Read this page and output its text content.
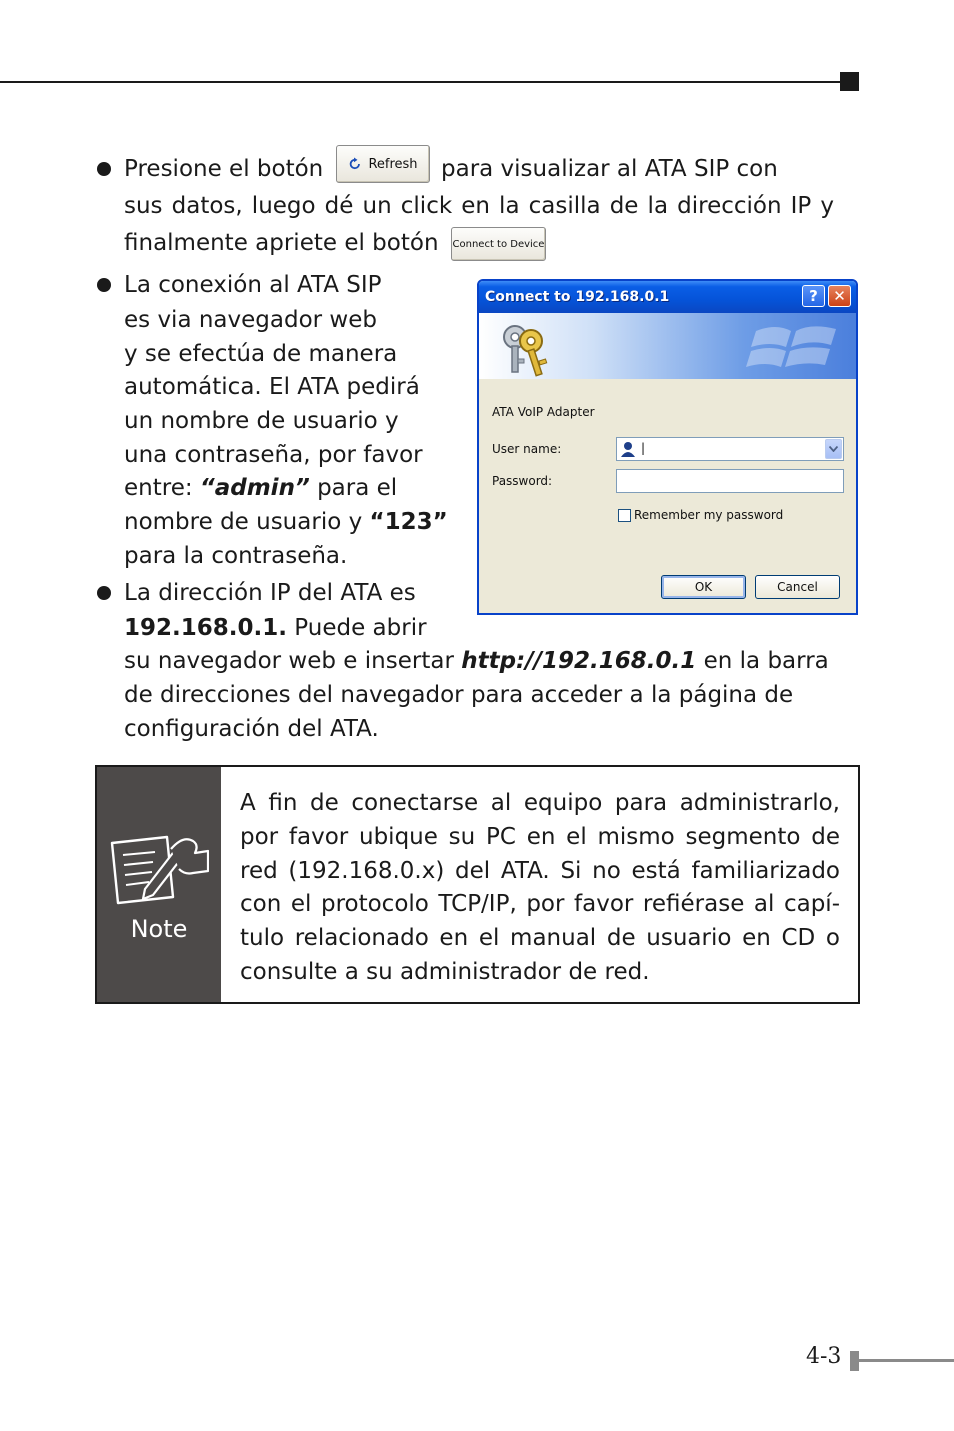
Presione el botón	Refresh para visualizar al ATA SIP con
sus datos, luego dé un click en la casilla de la dirección IP y
finalmente apriete el botón Connect to Device
La conexión al ATA SIP
es via navegador web
y se efectúa de manera
automática. El ATA pedirá
un nombre de usuario y
una contraseña, por favor
entre: “admin” para el
nombre de usuario y “123”
para la contraseña.
La dirección IP del ATA es
192.168.0.1. Puede abrir
su navegador web e insertar http://192.168.0.1 en la barra
de direcciones del navegador para acceder a la página de
configuración del ATA.
Connect to 192.168.0.1	? ✕
ATA VoIP Adapter
User name:	|
Password:
Remember my password
OK	Cancel
Note

A fin de conectarse al equipo para administrarlo, por favor ubique su PC en el mismo segmento de red (192.168.0.x) del ATA. Si no está familiarizado con el protocolo TCP/IP, por favor refiérase al capí- tulo relacionado en el manual de usuario en CD o consulte a su administrador de red.

4-3
